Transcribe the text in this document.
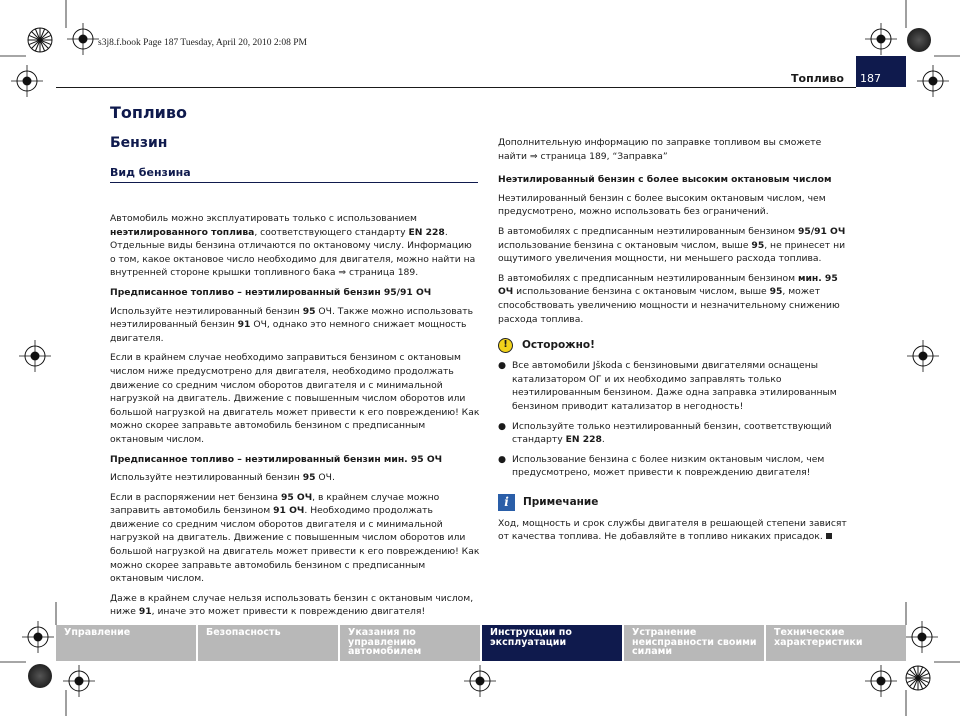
s3j8.f.book Page 187 Tuesday, April 20, 2010 2:08 PM
Топливо	187
Топливо
Бензин
Вид бензина

Автомобиль можно эксплуатировать только с использованием неэтилированного топлива, соответствующего стандарту EN 228. Отдельные виды бензина отличаются по октановому числу. Информацию о том, какое октановое число необходимо для двигателя, можно найти на внутренней стороне крышки топливного бака ⇒ страница 189.

Предписанное топливо – неэтилированный бензин 95/91 ОЧ

Используйте неэтилированный бензин 95 ОЧ. Также можно использовать неэтилированный бензин 91 ОЧ, однако это немного снижает мощность двигателя.

Если в крайнем случае необходимо заправиться бензином с октановым числом ниже предусмотрено для двигателя, необходимо продолжать движение со средним числом оборотов двигателя и с минимальной нагрузкой на двигатель. Движение с повышенным числом оборотов или большой нагрузкой на двигатель может привести к его повреждению! Как можно скорее заправьте автомобиль бензином с предписанным октановым числом.

Предписанное топливо – неэтилированный бензин мин. 95 ОЧ

Используйте неэтилированный бензин 95 ОЧ.

Если в распоряжении нет бензина 95 ОЧ, в крайнем случае можно заправить автомобиль бензином 91 ОЧ. Необходимо продолжать движение со средним числом оборотов двигателя и с минимальной нагрузкой на двигатель. Движение с повышенным числом оборотов или большой нагрузкой на двигатель может привести к его повреждению! Как можно скорее заправьте автомобиль бензином с предписанным октановым числом.

Даже в крайнем случае нельзя использовать бензин с октановым числом, ниже 91, иначе это может привести к повреждению двигателя!

Дополнительную информацию по заправке топливом вы сможете найти ⇒ страница 189, “Заправка”

Неэтилированный бензин с более высоким октановым числом

Неэтилированный бензин с более высоким октановым числом, чем предусмотрено, можно использовать без ограничений.

В автомобилях с предписанным неэтилированным бензином 95/91 ОЧ использование бензина с октановым числом, выше 95, не принесет ни ощутимого увеличения мощности, ни меньшего расхода топлива.

В автомобилях с предписанным неэтилированным бензином мин. 95 ОЧ использование бензина с октановым числом, выше 95, может способствовать увеличению мощности и незначительному снижению расхода топлива.

!	Осторожно!
● Все автомобили Jškoda с бензиновыми двигателями оснащены катализатором ОГ и их необходимо заправлять только неэтилированным бензином. Даже одна заправка этилированным бензином приводит катализатор в негодность!
● Используйте только неэтилированный бензин, соответствующий стандарту EN 228.
● Использование бензина с более низким октановым числом, чем предусмотрено, может привести к повреждению двигателя!
i	Примечание

Ход, мощность и срок службы двигателя в решающей степени зависят от качества топлива. Не добавляйте в топливо никаких присадок.

Управление	Безопасность	Указания по управлению автомобилем
Инструкции по эксплуатации
Устранение неисправности своими силами
Технические характеристики
